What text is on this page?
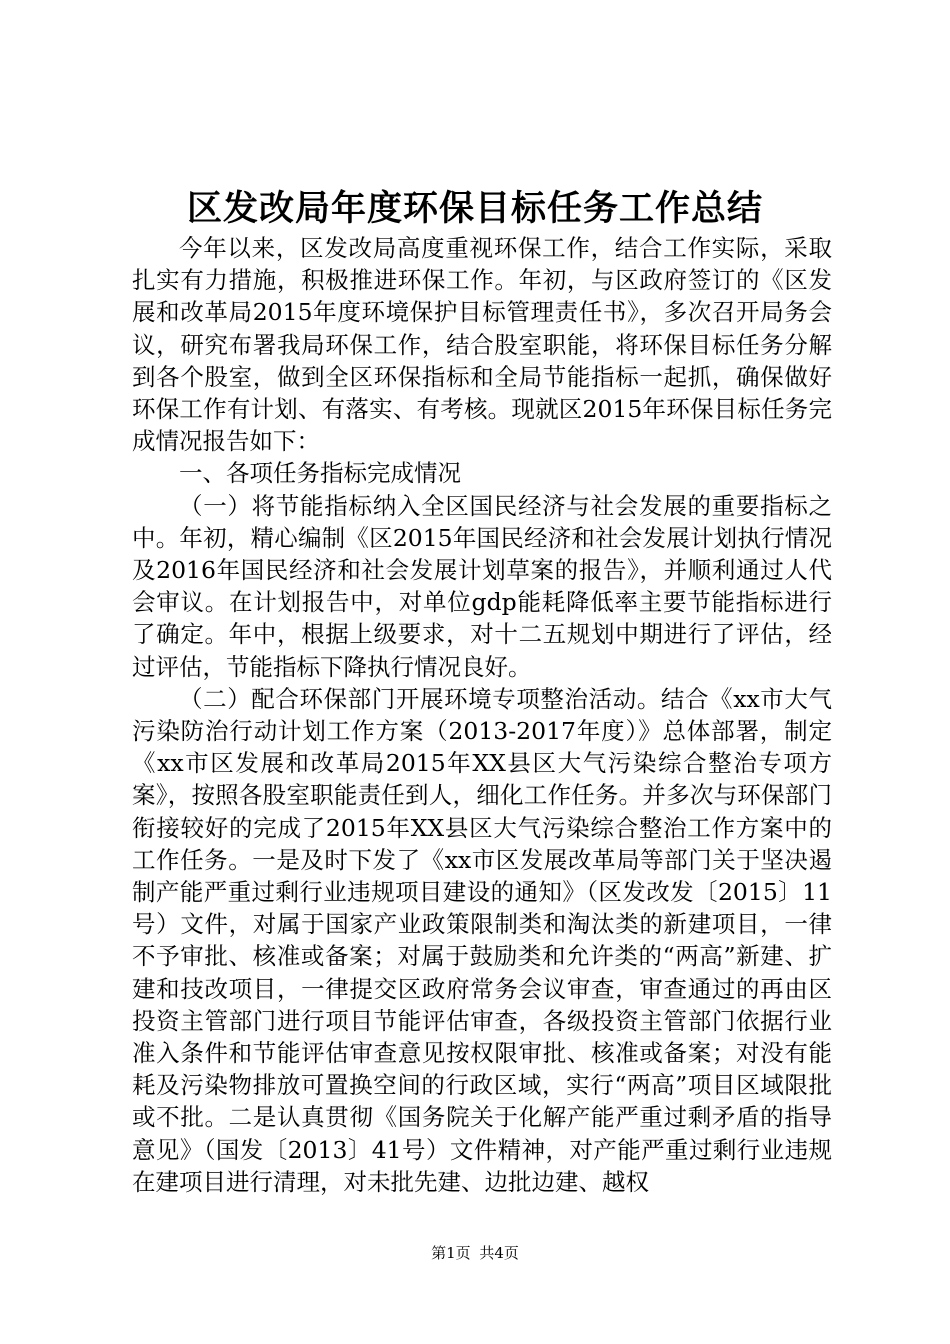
区发改局年度环保目标任务工作总结

今年以来，区发改局高度重视环保工作，结合工作实际，采取扎实有力措施，积极推进环保工作。年初，与区政府签订的《区发展和改革局2015年度环境保护目标管理责任书》，多次召开局务会议，研究布署我局环保工作，结合股室职能，将环保目标任务分解到各个股室，做到全区环保指标和全局节能指标一起抓，确保做好环保工作有计划、有落实、有考核。现就区2015年环保目标任务完成情况报告如下：

一、各项任务指标完成情况

（一）将节能指标纳入全区国民经济与社会发展的重要指标之中。年初，精心编制《区2015年国民经济和社会发展计划执行情况及2016年国民经济和社会发展计划草案的报告》，并顺利通过人代会审议。在计划报告中，对单位gdp能耗降低率主要节能指标进行了确定。年中，根据上级要求，对十二五规划中期进行了评估，经过评估，节能指标下降执行情况良好。

（二）配合环保部门开展环境专项整治活动。结合《xx市大气污染防治行动计划工作方案（2013-2017年度）》总体部署，制定《xx市区发展和改革局2015年XX县区大气污染综合整治专项方案》，按照各股室职能责任到人，细化工作任务。并多次与环保部门衔接较好的完成了2015年XX县区大气污染综合整治工作方案中的工作任务。一是及时下发了《xx市区发展改革局等部门关于坚决遏制产能严重过剩行业违规项目建设的通知》（区发改发〔2015〕11号）文件，对属于国家产业政策限制类和淘汰类的新建项目，一律不予审批、核准或备案；对属于鼓励类和允许类的“两高”新建、扩建和技改项目，一律提交区政府常务会议审查，审查通过的再由区投资主管部门进行项目节能评估审查，各级投资主管部门依据行业准入条件和节能评估审查意见按权限审批、核准或备案；对没有能耗及污染物排放可置换空间的行政区域，实行“两高”项目区域限批或不批。二是认真贯彻《国务院关于化解产能严重过剩矛盾的指导意见》（国发〔2013〕41号）文件精神，对产能严重过剩行业违规在建项目进行清理，对未批先建、边批边建、越权

第1页 共4页
